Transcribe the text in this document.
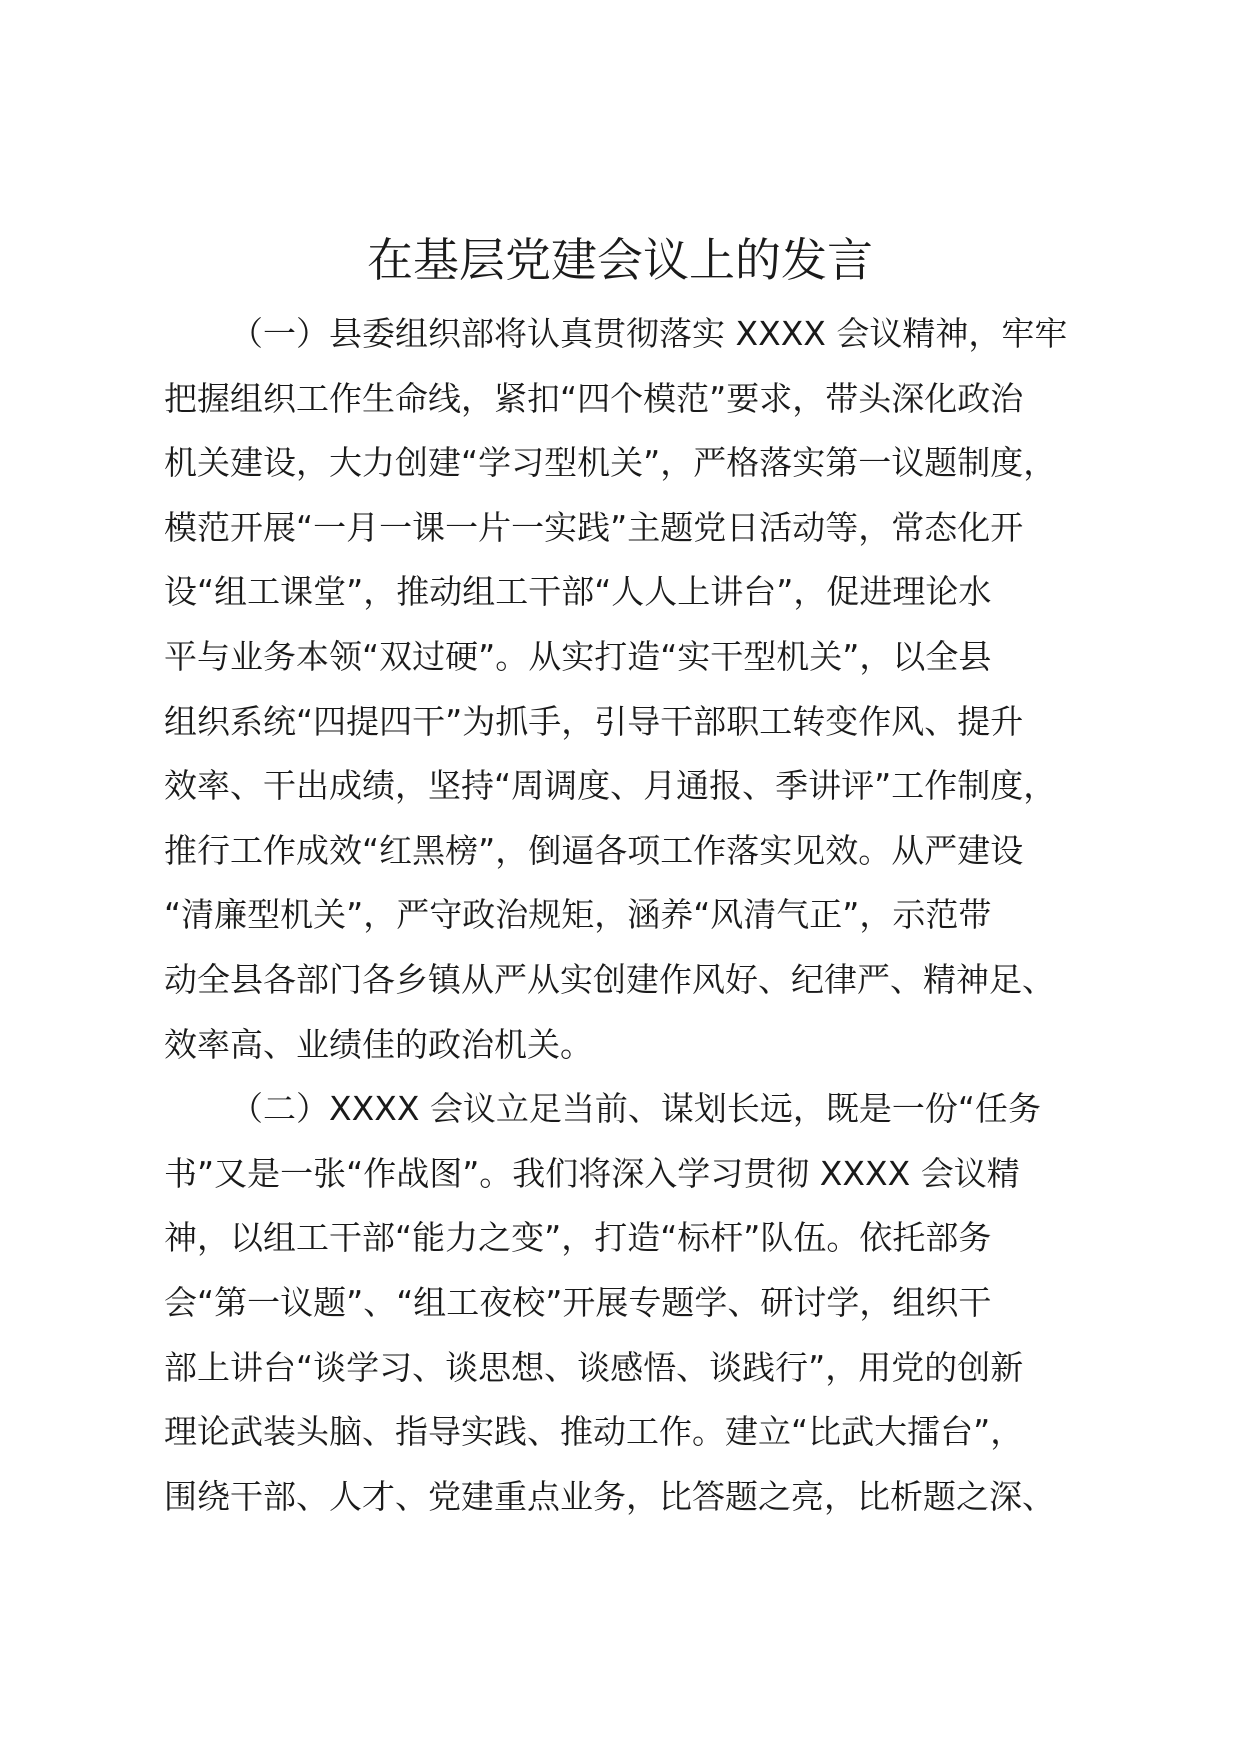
在基层党建会议上的发言
（一）县委组织部将认真贯彻落实 XXXX 会议精神，牢牢
把握组织工作生命线，紧扣“四个模范”要求，带头深化政治
机关建设，大力创建“学习型机关”，严格落实第一议题制度，
模范开展“一月一课一片一实践”主题党日活动等，常态化开
设“组工课堂”，推动组工干部“人人上讲台”，促进理论水
平与业务本领“双过硬”。从实打造“实干型机关”，以全县
组织系统“四提四干”为抓手，引导干部职工转变作风、提升
效率、干出成绩，坚持“周调度、月通报、季讲评”工作制度，
推行工作成效“红黑榜”，倒逼各项工作落实见效。从严建设
“清廉型机关”，严守政治规矩，涵养“风清气正”，示范带
动全县各部门各乡镇从严从实创建作风好、纪律严、精神足、
效率高、业绩佳的政治机关。
（二）XXXX 会议立足当前、谋划长远，既是一份“任务
书”又是一张“作战图”。我们将深入学习贯彻 XXXX 会议精
神，以组工干部“能力之变”，打造“标杆”队伍。依托部务
会“第一议题”、“组工夜校”开展专题学、研讨学，组织干
部上讲台“谈学习、谈思想、谈感悟、谈践行”，用党的创新
理论武装头脑、指导实践、推动工作。建立“比武大擂台”，
围绕干部、人才、党建重点业务，比答题之亮，比析题之深、
